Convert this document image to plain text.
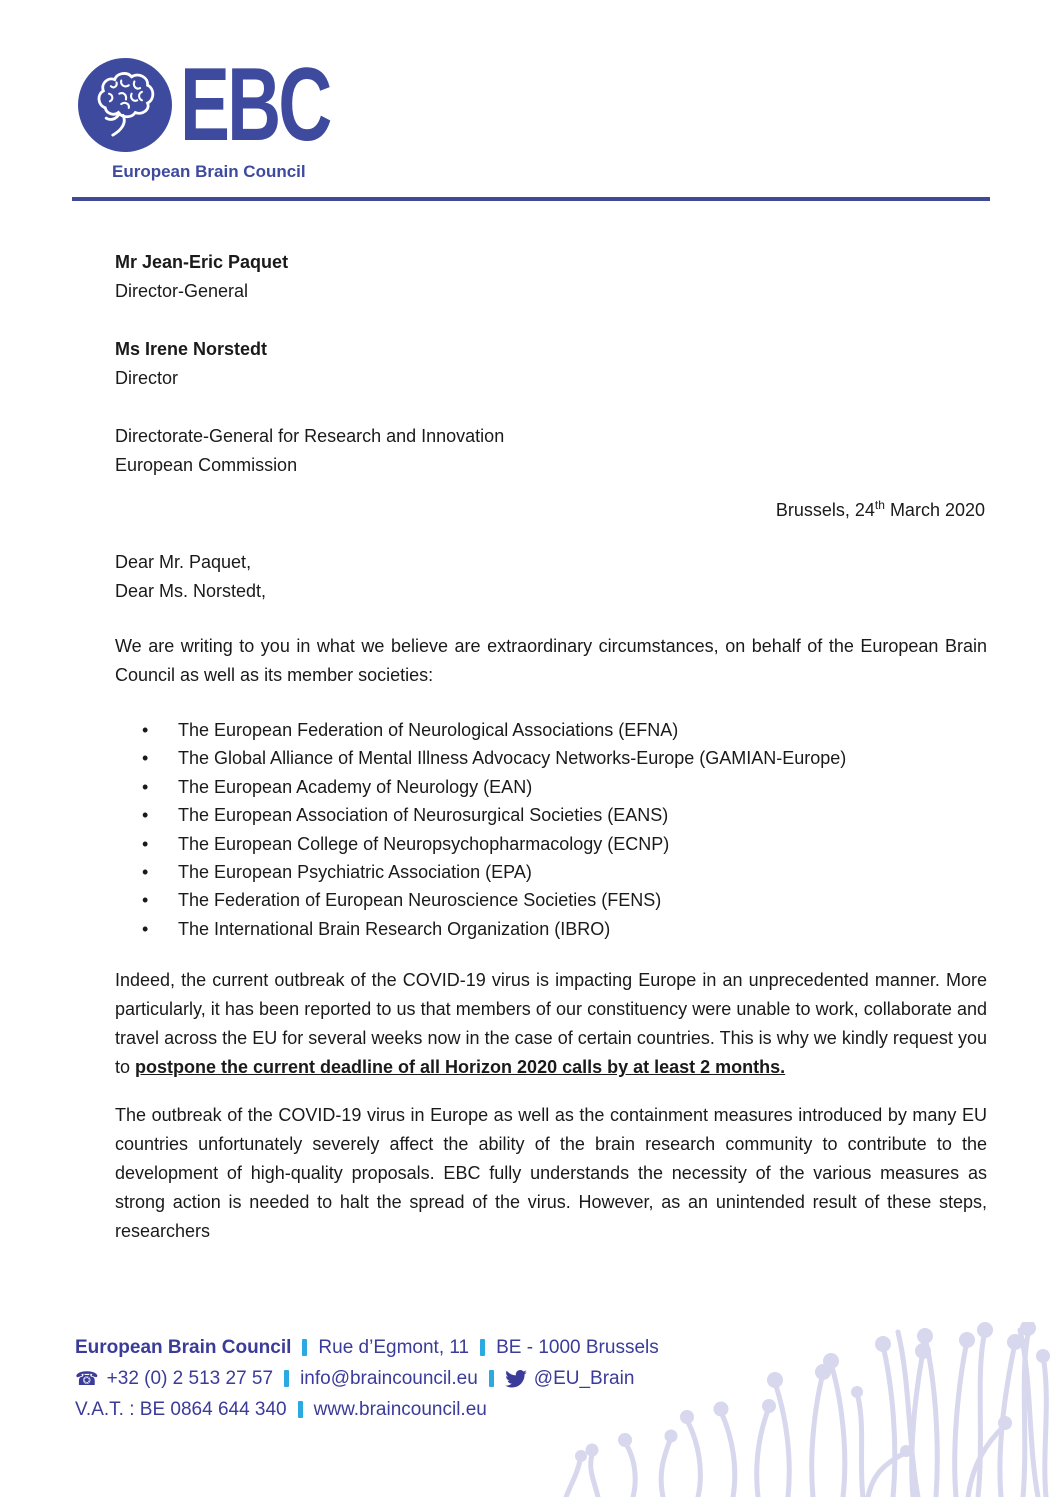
EBC
European Brain Council
Mr Jean-Eric Paquet
Director-General
Ms Irene Norstedt
Director
Directorate-General for Research and Innovation
European Commission
Brussels, 24th March 2020
Dear Mr. Paquet,
Dear Ms. Norstedt,
We are writing to you in what we believe are extraordinary circumstances, on behalf of the European Brain Council as well as its member societies:
• The European Federation of Neurological Associations (EFNA)
• The Global Alliance of Mental Illness Advocacy Networks-Europe (GAMIAN-Europe)
• The European Academy of Neurology (EAN)
• The European Association of Neurosurgical Societies (EANS)
• The European College of Neuropsychopharmacology (ECNP)
• The European Psychiatric Association (EPA)
• The Federation of European Neuroscience Societies (FENS)
• The International Brain Research Organization (IBRO)
Indeed, the current outbreak of the COVID-19 virus is impacting Europe in an unprecedented manner. More particularly, it has been reported to us that members of our constituency were unable to work, collaborate and travel across the EU for several weeks now in the case of certain countries. This is why we kindly request you to postpone the current deadline of all Horizon 2020 calls by at least 2 months.
The outbreak of the COVID-19 virus in Europe as well as the containment measures introduced by many EU countries unfortunately severely affect the ability of the brain research community to contribute to the development of high-quality proposals. EBC fully understands the necessity of the various measures as strong action is needed to halt the spread of the virus. However, as an unintended result of these steps, researchers
European Brain Council Rue d’Egmont, 11 BE - 1000 Brussels
☎ +32 (0) 2 513 27 57 info@braincouncil.eu	@EU_Brain
V.A.T. : BE 0864 644 340 www.braincouncil.eu
